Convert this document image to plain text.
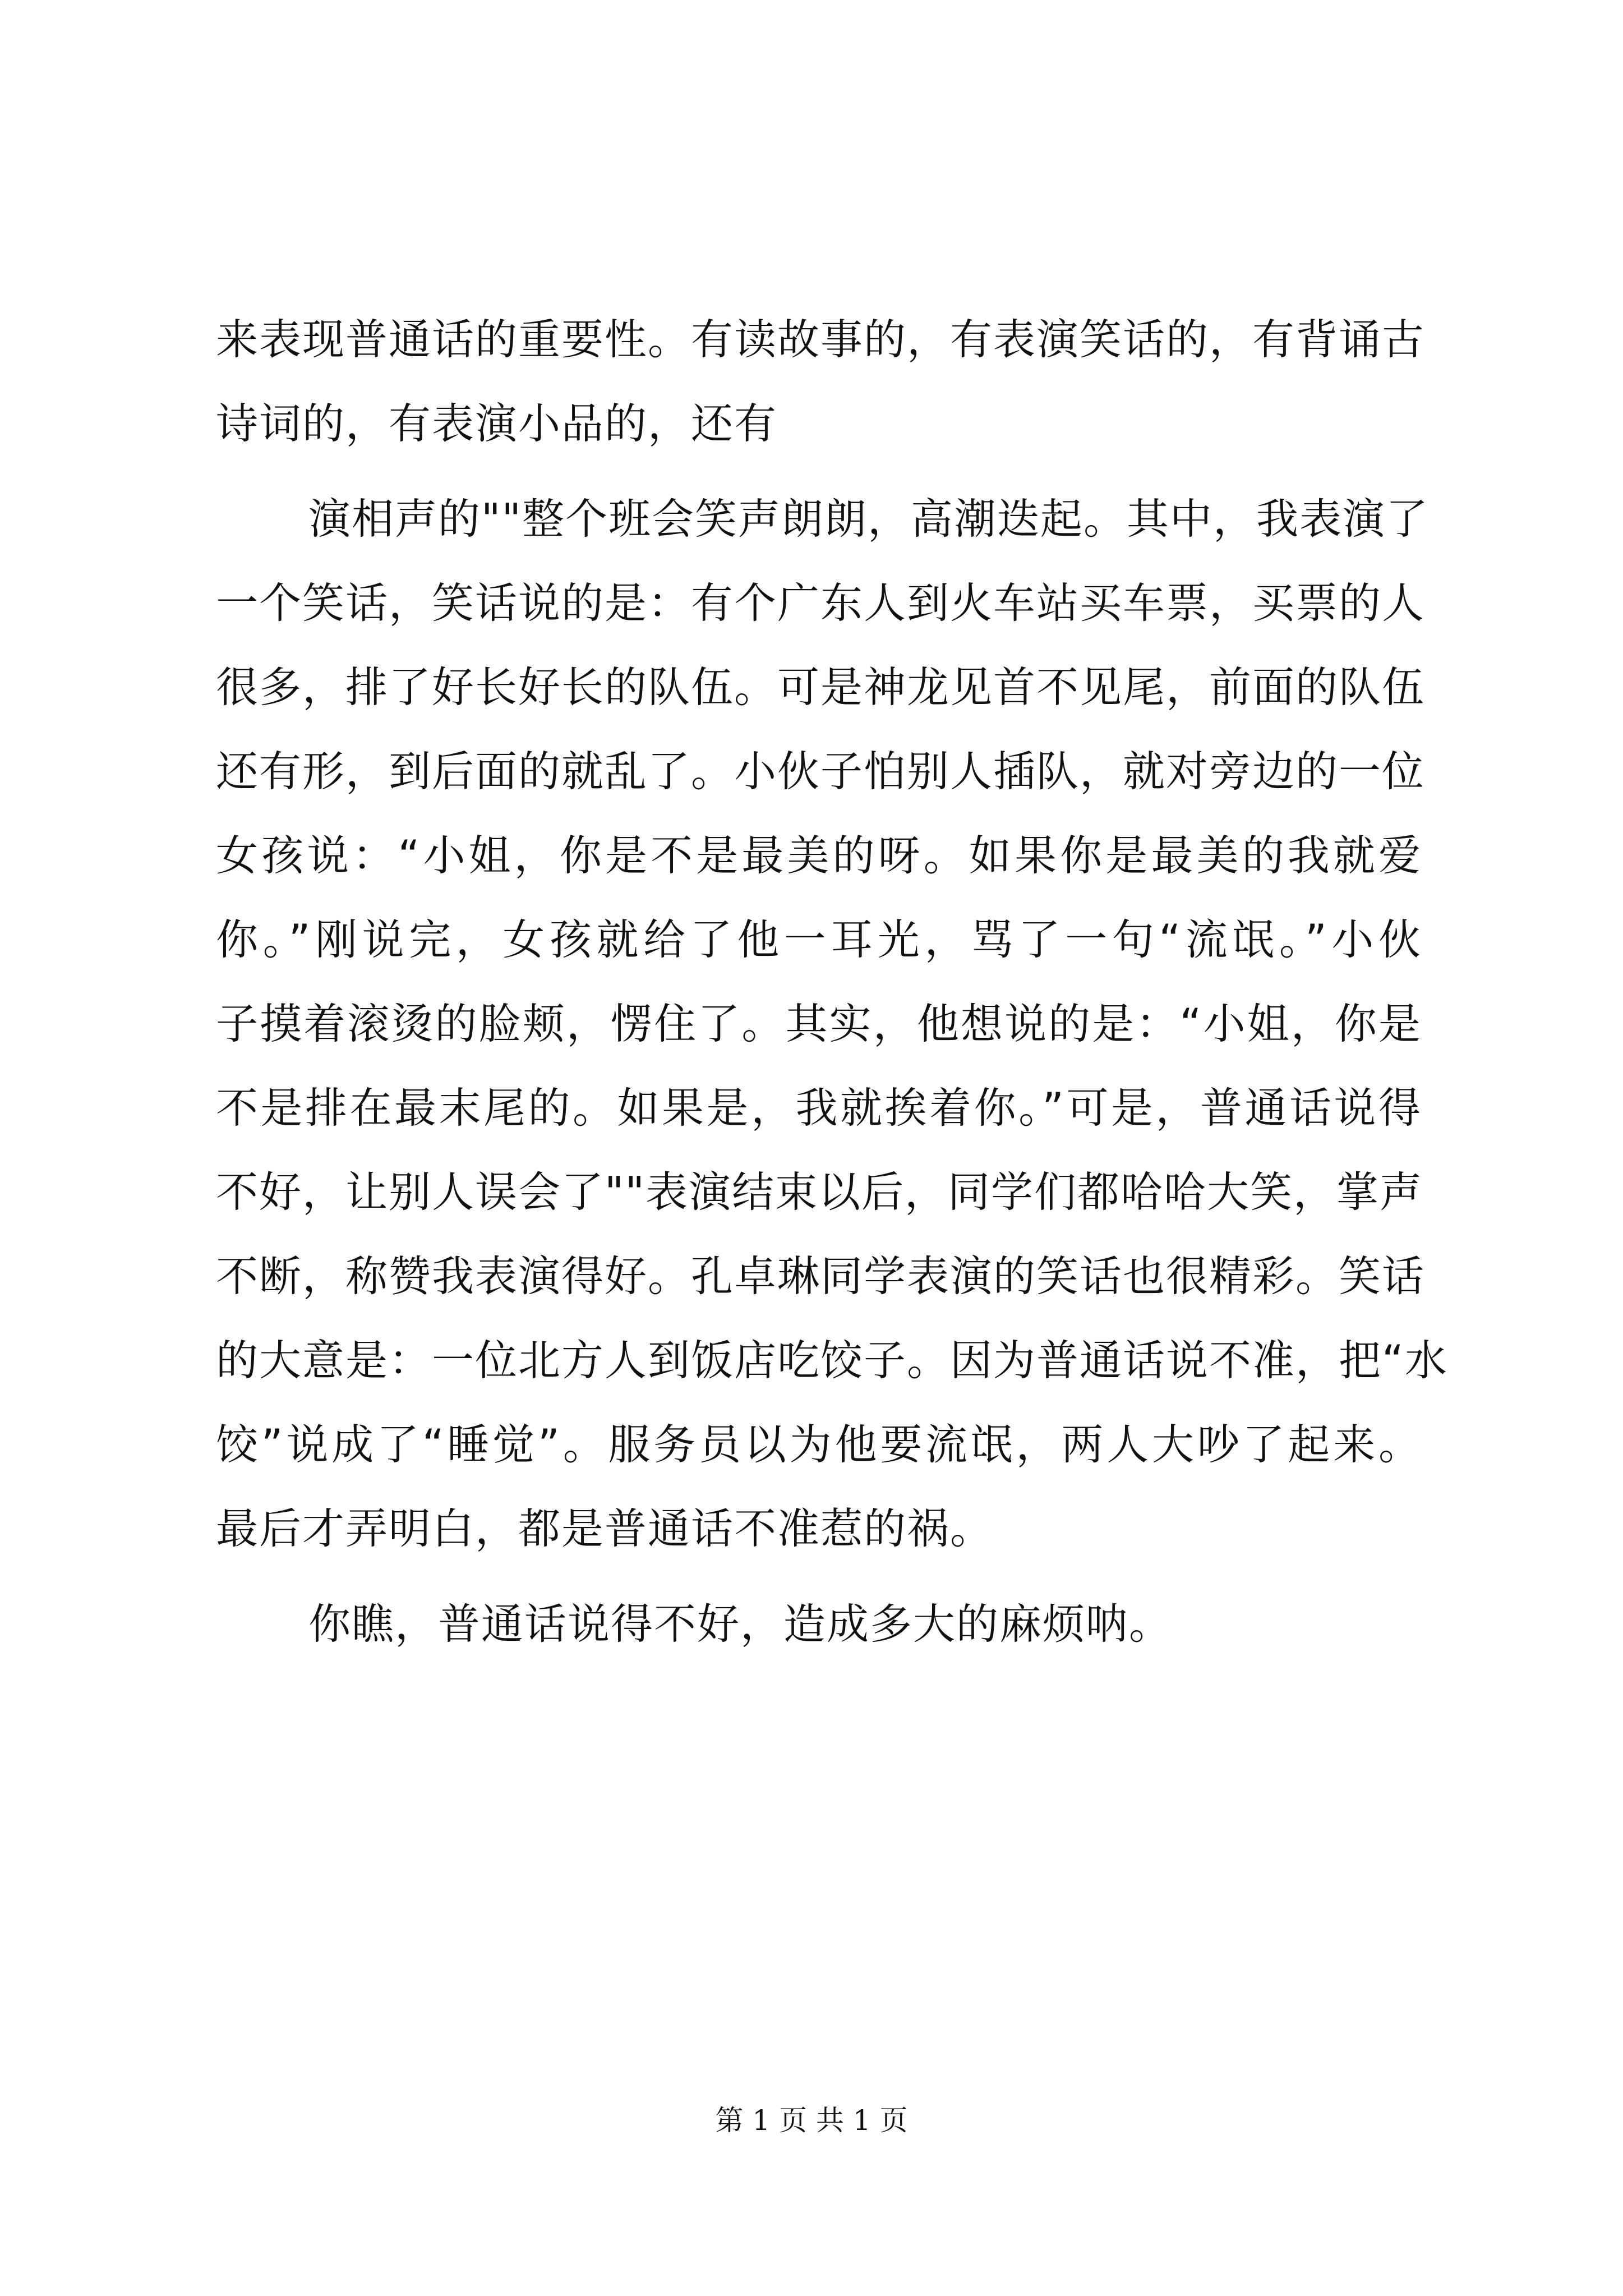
来表现普通话的重要性。有读故事的，有表演笑话的，有背诵古
诗词的，有表演小品的，还有
演相声的""整个班会笑声朗朗，高潮迭起。其中，我表演了
一个笑话，笑话说的是：有个广东人到火车站买车票，买票的人
很多，排了好长好长的队伍。可是神龙见首不见尾，前面的队伍
还有形，到后面的就乱了。小伙子怕别人插队，就对旁边的一位
女孩说：“小姐，你是不是最美的呀。如果你是最美的我就爱
你。”刚说完，女孩就给了他一耳光，骂了一句“流氓。”小伙
子摸着滚烫的脸颊，愣住了。其实，他想说的是：“小姐，你是
不是排在最末尾的。如果是，我就挨着你。”可是，普通话说得
不好，让别人误会了""表演结束以后，同学们都哈哈大笑，掌声
不断，称赞我表演得好。孔卓琳同学表演的笑话也很精彩。笑话
的大意是：一位北方人到饭店吃饺子。因为普通话说不准，把“水
饺”说成了“睡觉”。服务员以为他要流氓，两人大吵了起来。
最后才弄明白，都是普通话不准惹的祸。
你瞧，普通话说得不好，造成多大的麻烦呐。
第 1 页 共 1 页
